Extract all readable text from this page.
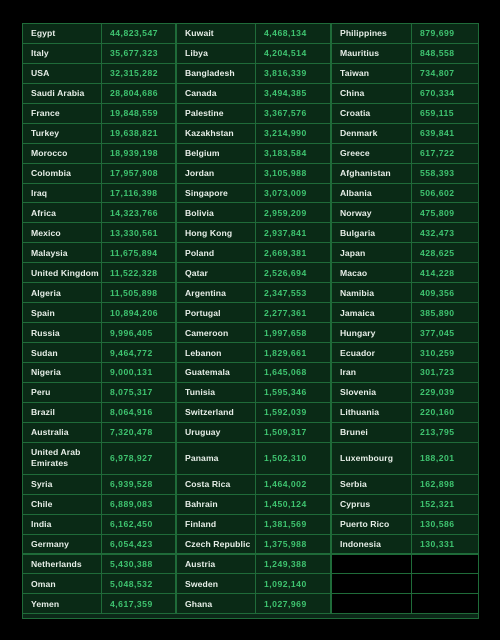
Egypt	44,823,547
Italy	35,677,323
USA	32,315,282
Saudi Arabia	28,804,686
France	19,848,559
Turkey	19,638,821
Morocco	18,939,198
Colombia	17,957,908
Iraq	17,116,398
Africa	14,323,766
Mexico	13,330,561
Malaysia	11,675,894
United Kingdom	11,522,328
Algeria	11,505,898
Spain	10,894,206
Russia	9,996,405
Sudan	9,464,772
Nigeria	9,000,131
Peru	8,075,317
Brazil	8,064,916
Australia	7,320,478
United Arab Emirates	6,978,927
Syria	6,939,528
Chile	6,889,083
India	6,162,450
Germany	6,054,423
Netherlands	5,430,388
Oman	5,048,532
Yemen	4,617,359
Kuwait	4,468,134
Libya	4,204,514
Bangladesh	3,816,339
Canada	3,494,385
Palestine	3,367,576
Kazakhstan	3,214,990
Belgium	3,183,584
Jordan	3,105,988
Singapore	3,073,009
Bolivia	2,959,209
Hong Kong	2,937,841
Poland	2,669,381
Qatar	2,526,694
Argentina	2,347,553
Portugal	2,277,361
Cameroon	1,997,658
Lebanon	1,829,661
Guatemala	1,645,068
Tunisia	1,595,346
Switzerland	1,592,039
Uruguay	1,509,317
Panama	1,502,310
Costa Rica	1,464,002
Bahrain	1,450,124
Finland	1,381,569
Czech Republic	1,375,988
Austria	1,249,388
Sweden	1,092,140
Ghana	1,027,969
Philippines	879,699
Mauritius	848,558
Taiwan	734,807
China	670,334
Croatia	659,115
Denmark	639,841
Greece	617,722
Afghanistan	558,393
Albania	506,602
Norway	475,809
Bulgaria	432,473
Japan	428,625
Macao	414,228
Namibia	409,356
Jamaica	385,890
Hungary	377,045
Ecuador	310,259
Iran	301,723
Slovenia	229,039
Lithuania	220,160
Brunei	213,795
Luxembourg	188,201
Serbia	162,898
Cyprus	152,321
Puerto Rico	130,586
Indonesia	130,331
